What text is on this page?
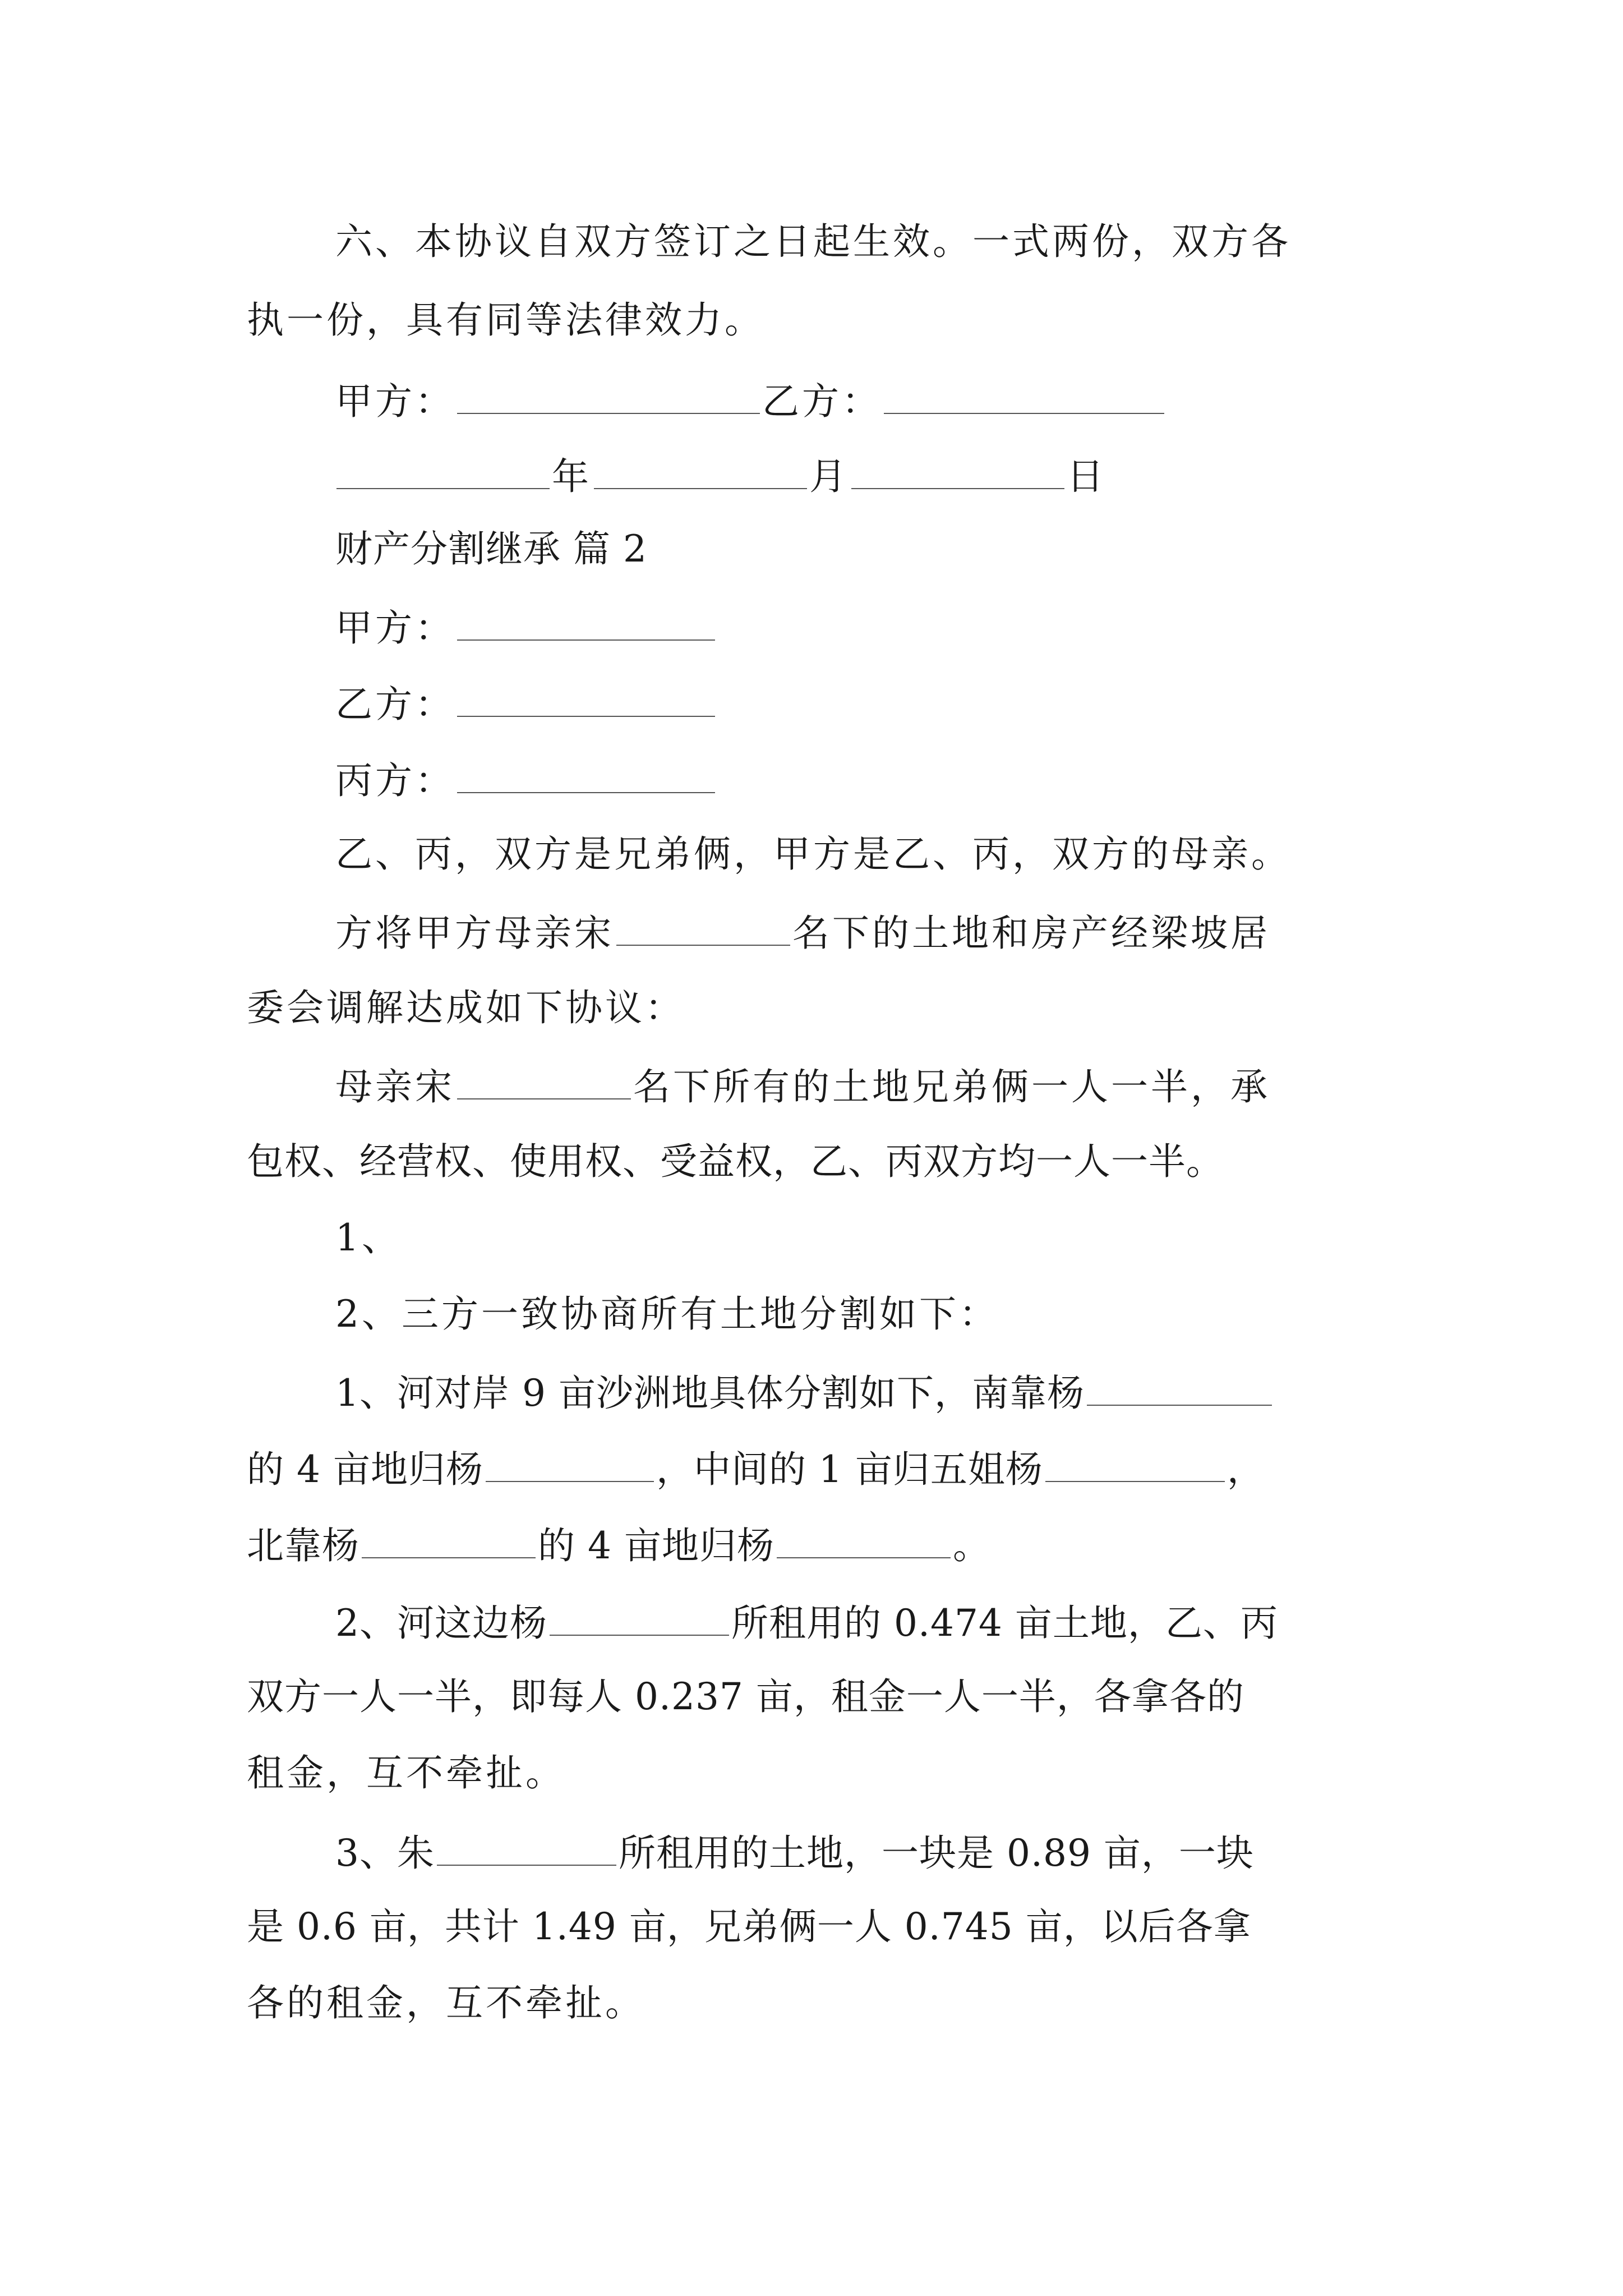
六、本协议自双方签订之日起生效。一式两份，双方各
执一份，具有同等法律效力。
甲方：	乙方：
年	月	日
财产分割继承 篇 2
甲方：
乙方：
丙方：
乙、丙，双方是兄弟俩，甲方是乙、丙，双方的母亲。
方将甲方母亲宋	名下的土地和房产经梁坡居
委会调解达成如下协议：
母亲宋	名下所有的土地兄弟俩一人一半，承
包权、经营权、使用权、受益权，乙、丙双方均一人一半。
1、
2、三方一致协商所有土地分割如下：
1、河对岸 9 亩沙洲地具体分割如下，南靠杨
的 4 亩地归杨	，中间的 1 亩归五姐杨	，
北靠杨	的 4 亩地归杨	。
2、河这边杨	所租用的 0.474 亩土地，乙、丙
双方一人一半，即每人 0.237 亩，租金一人一半，各拿各的
租金，互不牵扯。
3、朱	所租用的土地，一块是 0.89 亩，一块
是 0.6 亩，共计 1.49 亩，兄弟俩一人 0.745 亩，以后各拿
各的租金，互不牵扯。
